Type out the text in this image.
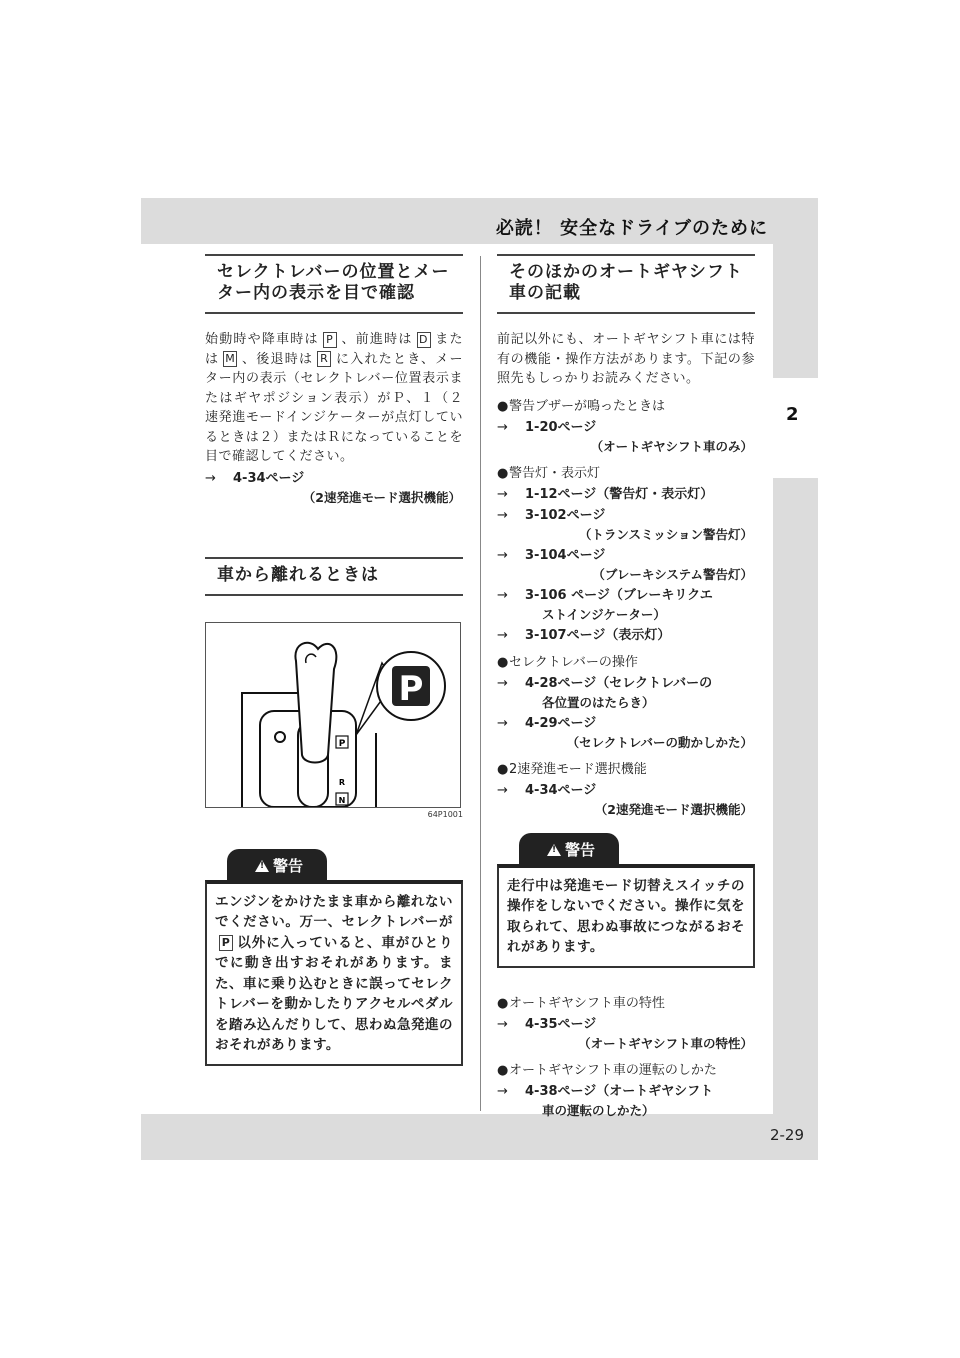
必読！ 安全なドライブのために
2
セレクトレバーの位置とメー
ター内の表示を目で確認
始動時や降車時は P 、前進時は D または M 、後退時は R に入れたとき、メーター内の表示（セレクトレバー位置表示またはギヤポジション表示）がＰ、１（２ 速発進モードインジケーターが点灯しているときは２）またはＲになっていることを目で確認してください。
→	4-34ページ
（2速発進モード選択機能）
車から離れるときは
P
R
N
P
64P1001
!警告
エンジンをかけたまま車から離れないでください。万一、セレクトレバーがP 以外に入っていると、車がひとりでに動き出すおそれがあります。また、車に乗り込むときに誤ってセレクトレバーを動かしたりアクセルペダルを踏み込んだりして、思わぬ急発進のおそれがあります。
そのほかのオートギヤシフト
車の記載
前記以外にも、オートギヤシフト車には特有の機能・操作方法があります。下記の参照先もしっかりお読みください。
●警告ブザーが鳴ったときは
→	1-20ページ
（オートギヤシフト車のみ）
●警告灯・表示灯
→	1-12ページ（警告灯・表示灯）
→	3-102ページ
（トランスミッション警告灯）
→	3-104ページ
（ブレーキシステム警告灯）
→	3-106 ページ（ブレーキリクエ
ストインジケーター）
→	3-107ページ（表示灯）
●セレクトレバーの操作
→	4-28ページ（セレクトレバーの
各位置のはたらき）
→	4-29ページ
（セレクトレバーの動かしかた）
●2速発進モード選択機能
→	4-34ページ
（2速発進モード選択機能）
!警告
走行中は発進モード切替えスイッチの操作をしないでください。操作に気を取られて、思わぬ事故につながるおそれがあります。
●オートギヤシフト車の特性
→	4-35ページ
（オートギヤシフト車の特性）
●オートギヤシフト車の運転のしかた
→	4-38ページ（オートギヤシフト
車の運転のしかた）
2-29
